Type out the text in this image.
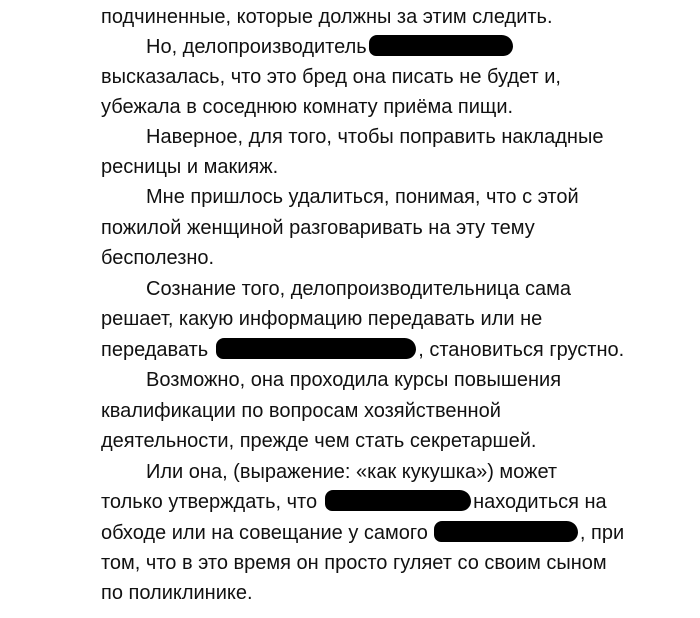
подчиненные, которые должны за этим следить.
Но, делопроизводитель
высказалась, что это бред она писать не будет и,
убежала в соседнюю комнату приёма пищи.
Наверное, для того, чтобы поправить накладные
ресницы и макияж.
Мне пришлось удалиться, понимая, что с этой
пожилой женщиной разговаривать на эту тему
бесполезно.
Сознание того, делопроизводительница сама
решает, какую информацию передавать или не
передавать	, становиться грустно.
Возможно, она проходила курсы повышения
квалификации по вопросам хозяйственной
деятельности, прежде чем стать секретаршей.
Или она, (выражение: «как кукушка») может
только утверждать, что	находиться на
обходе или на совещание у самого	, при
том, что в это время он просто гуляет со своим сыном
по поликлинике.
